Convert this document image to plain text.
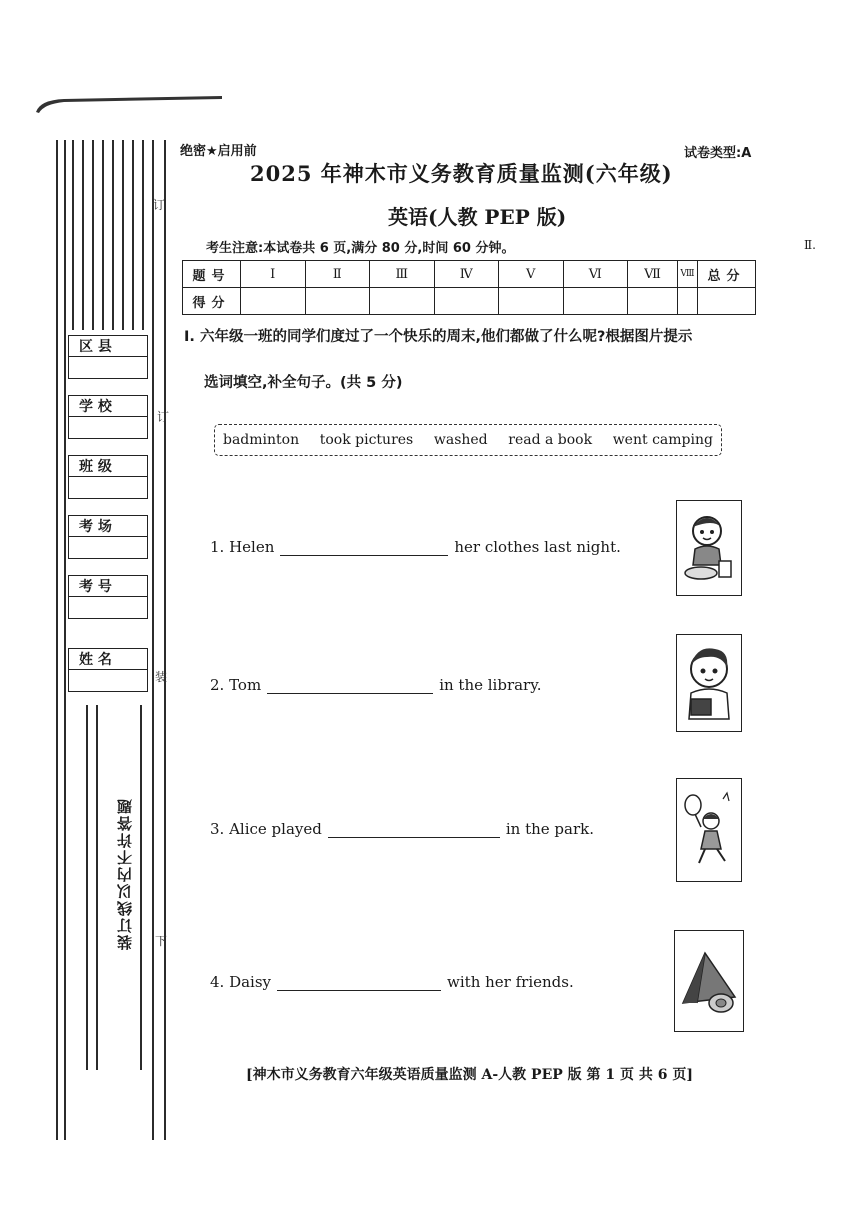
区 县
学 校
班 级
考 场
考 号
姓 名
订
订
装
下
装订线以内不许答题
绝密★启用前	试卷类型:A
Ⅱ.
2025 年神木市义务教育质量监测(六年级)
英语(人教 PEP 版)
考生注意:本试卷共 6 页,满分 80 分,时间 60 分钟。
题号	Ⅰ	Ⅱ	Ⅲ	Ⅳ	Ⅴ	Ⅵ	Ⅶ	Ⅷ	总分
得分									
Ⅰ. 六年级一班的同学们度过了一个快乐的周末,他们都做了什么呢?根据图片提示
选词填空,补全句子。(共 5 分)
badminton took pictures washed read a book went camping
1. Helen	her clothes last night.
2. Tom	in the library.
3. Alice played	in the park.
4. Daisy	with her friends.
[神木市义务教育六年级英语质量监测 A-人教 PEP 版 第 1 页 共 6 页]
